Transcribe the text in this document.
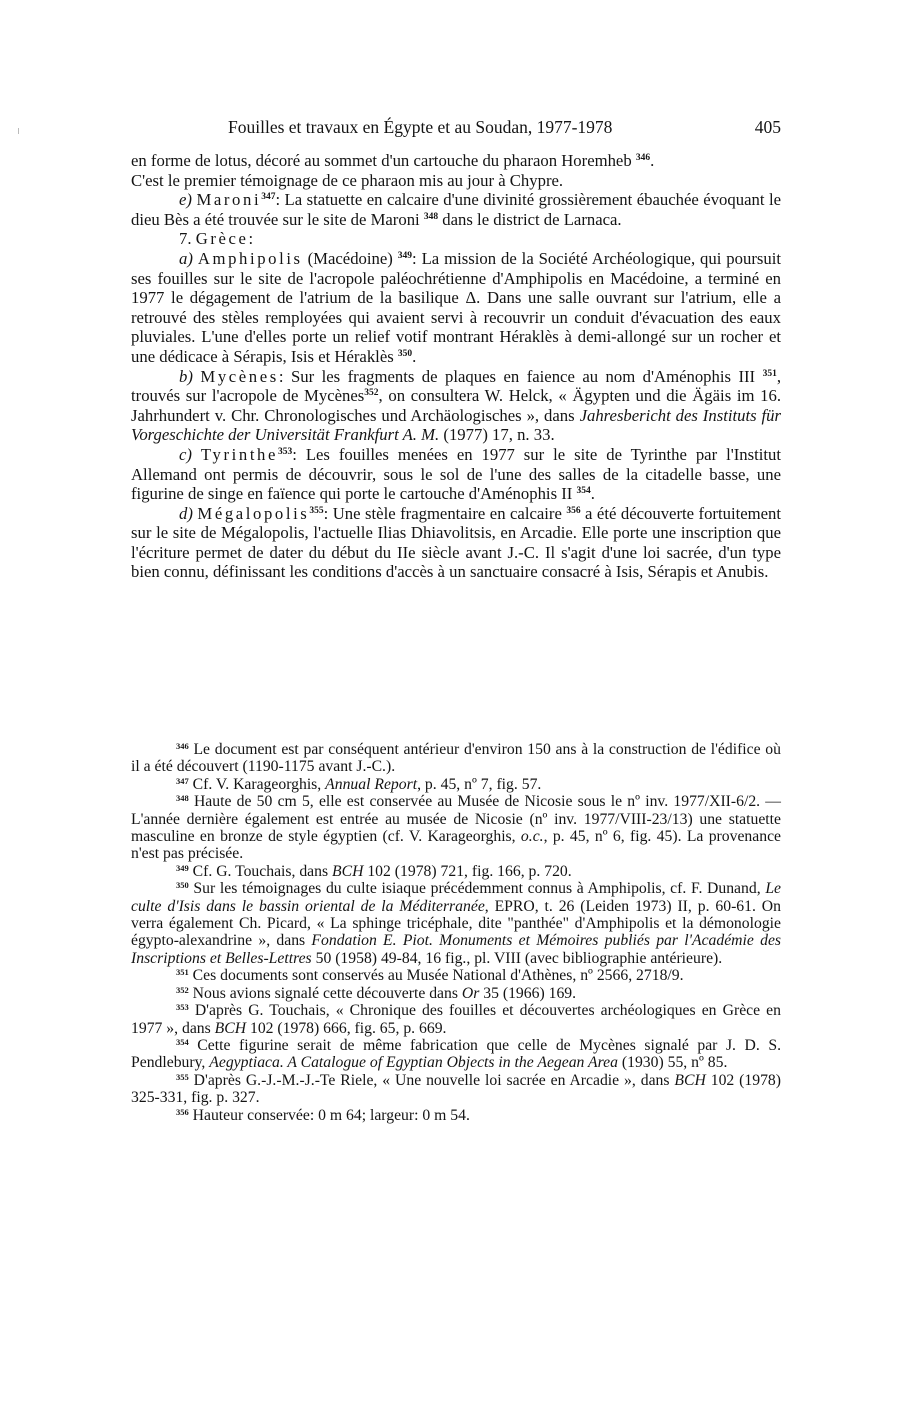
Fouilles et travaux en Égypte et au Soudan, 1977-1978	405

en forme de lotus, décoré au sommet d'un cartouche du pharaon Horemheb $^{346}$.

C'est le premier témoignage de ce pharaon mis au jour à Chypre.

e) Maroni$^{347}$: La statuette en calcaire d'une divinité grossièrement ébauchée évoquant le dieu Bès a été trouvée sur le site de Maroni $^{348}$ dans le district de Larnaca.

7. Grèce:

a) Amphipolis (Macédoine) $^{349}$: La mission de la Société Archéologique, qui poursuit ses fouilles sur le site de l'acropole paléochrétienne d'Amphipolis en Macédoine, a terminé en 1977 le dégagement de l'atrium de la basilique Δ. Dans une salle ouvrant sur l'atrium, elle a retrouvé des stèles remployées qui avaient servi à recouvrir un conduit d'évacuation des eaux pluviales. L'une d'elles porte un relief votif montrant Héraklès à demi-allongé sur un rocher et une dédicace à Sérapis, Isis et Héraklès $^{350}$.

b) Mycènes: Sur les fragments de plaques en faience au nom d'Aménophis III $^{351}$, trouvés sur l'acropole de Mycènes$^{352}$, on consultera W. Helck, « Ägypten und die Ägäis im 16. Jahrhundert v. Chr. Chronologisches und Archäologisches », dans Jahresbericht des Instituts für Vorgeschichte der Universität Frankfurt A. M. (1977) 17, n. 33.

c) Tyrinthe$^{353}$: Les fouilles menées en 1977 sur le site de Tyrinthe par l'Institut Allemand ont permis de découvrir, sous le sol de l'une des salles de la citadelle basse, une figurine de singe en faïence qui porte le cartouche d'Aménophis II $^{354}$.

d) Mégalopolis$^{355}$: Une stèle fragmentaire en calcaire $^{356}$ a été découverte fortuitement sur le site de Mégalopolis, l'actuelle Ilias Dhiavolitsis, en Arcadie. Elle porte une inscription que l'écriture permet de dater du début du IIe siècle avant J.-C. Il s'agit d'une loi sacrée, d'un type bien connu, définissant les conditions d'accès à un sanctuaire consacré à Isis, Sérapis et Anubis.

$^{346}$ Le document est par conséquent antérieur d'environ 150 ans à la construction de l'édifice où il a été découvert (1190-1175 avant J.-C.).

$^{347}$ Cf. V. Karageorghis, Annual Report, p. 45, nº 7, fig. 57.

$^{348}$ Haute de 50 cm 5, elle est conservée au Musée de Nicosie sous le nº inv. 1977/XII-6/2. — L'année dernière également est entrée au musée de Nicosie (nº inv. 1977/VIII-23/13) une statuette masculine en bronze de style égyptien (cf. V. Karageorghis, o.c., p. 45, nº 6, fig. 45). La provenance n'est pas précisée.

$^{349}$ Cf. G. Touchais, dans BCH 102 (1978) 721, fig. 166, p. 720.

$^{350}$ Sur les témoignages du culte isiaque précédemment connus à Amphipolis, cf. F. Dunand, Le culte d'Isis dans le bassin oriental de la Méditerranée, EPRO, t. 26 (Leiden 1973) II, p. 60-61. On verra également Ch. Picard, « La sphinge tricéphale, dite "panthée" d'Amphipolis et la démonologie égypto-alexandrine », dans Fondation E. Piot. Monuments et Mémoires publiés par l'Académie des Inscriptions et Belles-Lettres 50 (1958) 49-84, 16 fig., pl. VIII (avec bibliographie antérieure).

$^{351}$ Ces documents sont conservés au Musée National d'Athènes, nº 2566, 2718/9.

$^{352}$ Nous avions signalé cette découverte dans Or 35 (1966) 169.

$^{353}$ D'après G. Touchais, « Chronique des fouilles et découvertes archéologiques en Grèce en 1977 », dans BCH 102 (1978) 666, fig. 65, p. 669.

$^{354}$ Cette figurine serait de même fabrication que celle de Mycènes signalé par J. D. S. Pendlebury, Aegyptiaca. A Catalogue of Egyptian Objects in the Aegean Area (1930) 55, nº 85.

$^{355}$ D'après G.-J.-M.-J.-Te Riele, « Une nouvelle loi sacrée en Arcadie », dans BCH 102 (1978) 325-331, fig. p. 327.

$^{356}$ Hauteur conservée: 0 m 64; largeur: 0 m 54.
